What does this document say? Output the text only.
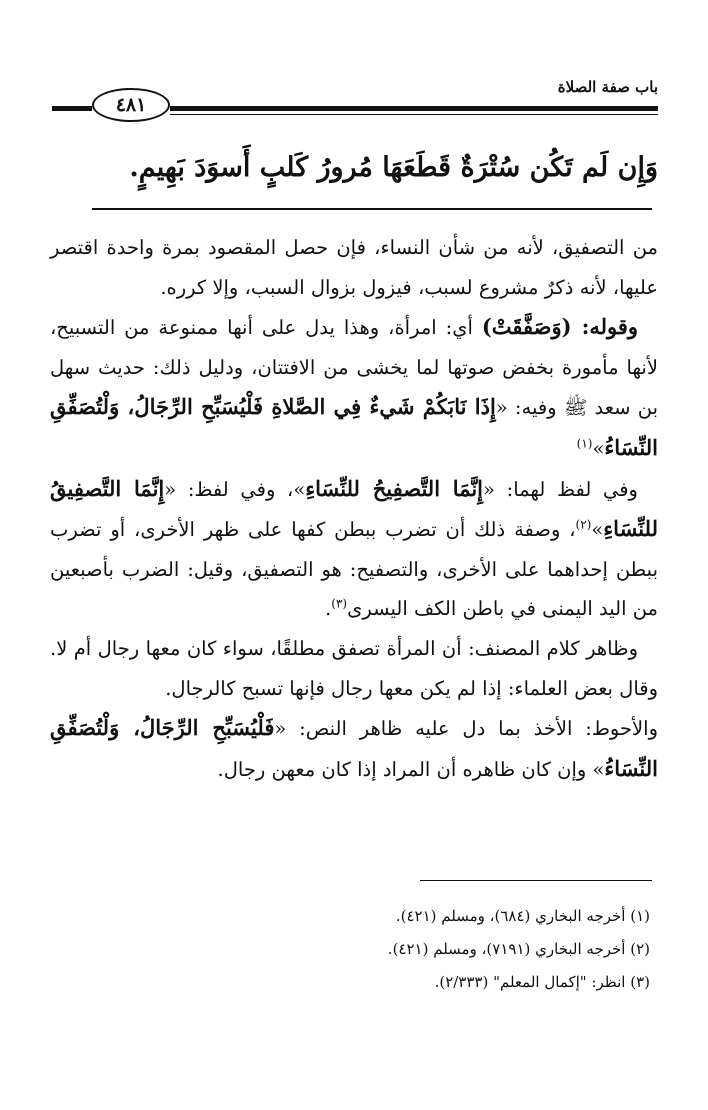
٤٨١
باب صفة الصلاة
وَإِن لَم تَكُن سُتْرَةٌ قَطَعَهَا مُرورُ كَلبٍ أَسوَدَ بَهِيمٍ.

من التصفيق، لأنه من شأن النساء، فإن حصل المقصود بمرة واحدة اقتصر عليها، لأنه ذكرٌ مشروع لسبب، فيزول بزوال السبب، وإلا كرره.

وقوله: (وَصَفَّقَتْ) أي: امرأة، وهذا يدل على أنها ممنوعة من التسبيح، لأنها مأمورة بخفض صوتها لما يخشى من الافتتان، ودليل ذلك: حديث سهل بن سعد ﷺ وفيه: «إِذَا نَابَكُمْ شَيءٌ فِي الصَّلاةِ فَلْيُسَبِّحِ الرِّجَالُ، وَلْتُصَفِّقِ النِّسَاءُ»$^{(١)}$

وفي لفظ لهما: «إِنَّمَا التَّصفِيحُ للنِّسَاءِ»، وفي لفظ: «إِنَّمَا التَّصفِيقُ للنِّسَاءِ»$^{(٢)}$، وصفة ذلك أن تضرب ببطن كفها على ظهر الأخرى، أو تضرب ببطن إحداهما على الأخرى، والتصفيح: هو التصفيق، وقيل: الضرب بأصبعين من اليد اليمنى في باطن الكف اليسرى$^{(٣)}$.

وظاهر كلام المصنف: أن المرأة تصفق مطلقًا، سواء كان معها رجال أم لا. وقال بعض العلماء: إذا لم يكن معها رجال فإنها تسبح كالرجال.

والأحوط: الأخذ بما دل عليه ظاهر النص: «فَلْيُسَبِّحِ الرِّجَالُ، وَلْتُصَفِّقِ النِّسَاءُ» وإن كان ظاهره أن المراد إذا كان معهن رجال.

(١) أخرجه البخاري (٦٨٤)، ومسلم (٤٢١).
(٢) أخرجه البخاري (٧١٩١)، ومسلم (٤٢١).
(٣) انظر: "إكمال المعلم" (٢/٣٣٣).
